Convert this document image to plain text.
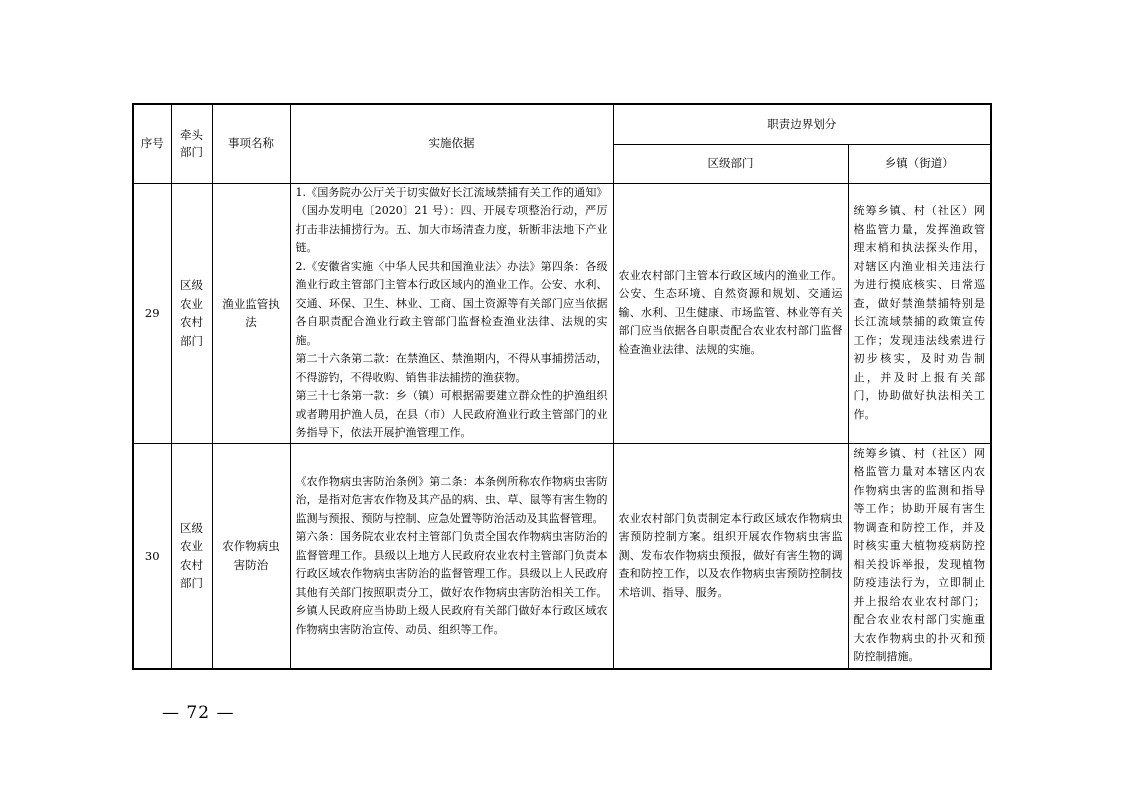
序号	牵头部门	事项名称	实施依据	职责边界划分	
				区级部门	乡镇（街道）
29	区级农业农村部门	渔业监管执法	1.《国务院办公厅关于切实做好长江流域禁捕有关工作的通知》（国办发明电〔2020〕21 号）：四、开展专项整治行动，严厉打击非法捕捞行为。五、加大市场清查力度，斩断非法地下产业链。

2.《安徽省实施〈中华人民共和国渔业法〉办法》第四条：各级渔业行政主管部门主管本行政区域内的渔业工作。公安、水利、交通、环保、卫生、林业、工商、国土资源等有关部门应当依据各自职责配合渔业行政主管部门监督检查渔业法律、法规的实施。

第二十六条第二款：在禁渔区、禁渔期内，不得从事捕捞活动，不得游钓，不得收购、销售非法捕捞的渔获物。

第三十七条第一款：乡（镇）可根据需要建立群众性的护渔组织或者聘用护渔人员，在县（市）人民政府渔业行政主管部门的业务指导下，依法开展护渔管理工作。	农业农村部门主管本行政区域内的渔业工作。公安、生态环境、自然资源和规划、交通运输、水利、卫生健康、市场监管、林业等有关部门应当依据各自职责配合农业农村部门监督检查渔业法律、法规的实施。	统筹乡镇、村（社区）网格监管力量，发挥渔政管理末梢和执法探头作用，对辖区内渔业相关违法行为进行摸底核实、日常巡查，做好禁渔禁捕特别是长江流域禁捕的政策宣传工作；发现违法线索进行初步核实，及时劝告制止，并及时上报有关部门，协助做好执法相关工作。
30	区级农业农村部门	农作物病虫害防治	《农作物病虫害防治条例》第二条：本条例所称农作物病虫害防治，是指对危害农作物及其产品的病、虫、草、鼠等有害生物的监测与预报、预防与控制、应急处置等防治活动及其监督管理。

第六条：国务院农业农村主管部门负责全国农作物病虫害防治的监督管理工作。县级以上地方人民政府农业农村主管部门负责本行政区域农作物病虫害防治的监督管理工作。县级以上人民政府其他有关部门按照职责分工，做好农作物病虫害防治相关工作。乡镇人民政府应当协助上级人民政府有关部门做好本行政区域农作物病虫害防治宣传、动员、组织等工作。	农业农村部门负责制定本行政区域农作物病虫害预防控制方案。组织开展农作物病虫害监测、发布农作物病虫预报，做好有害生物的调查和防控工作，以及农作物病虫害预防控制技术培训、指导、服务。	统筹乡镇、村（社区）网格监管力量对本辖区内农作物病虫害的监测和指导等工作；协助开展有害生物调查和防控工作，并及时核实重大植物疫病防控相关投诉举报，发现植物防疫违法行为，立即制止并上报给农业农村部门；配合农业农村部门实施重大农作物病虫的扑灭和预防控制措施。
— 72 —
